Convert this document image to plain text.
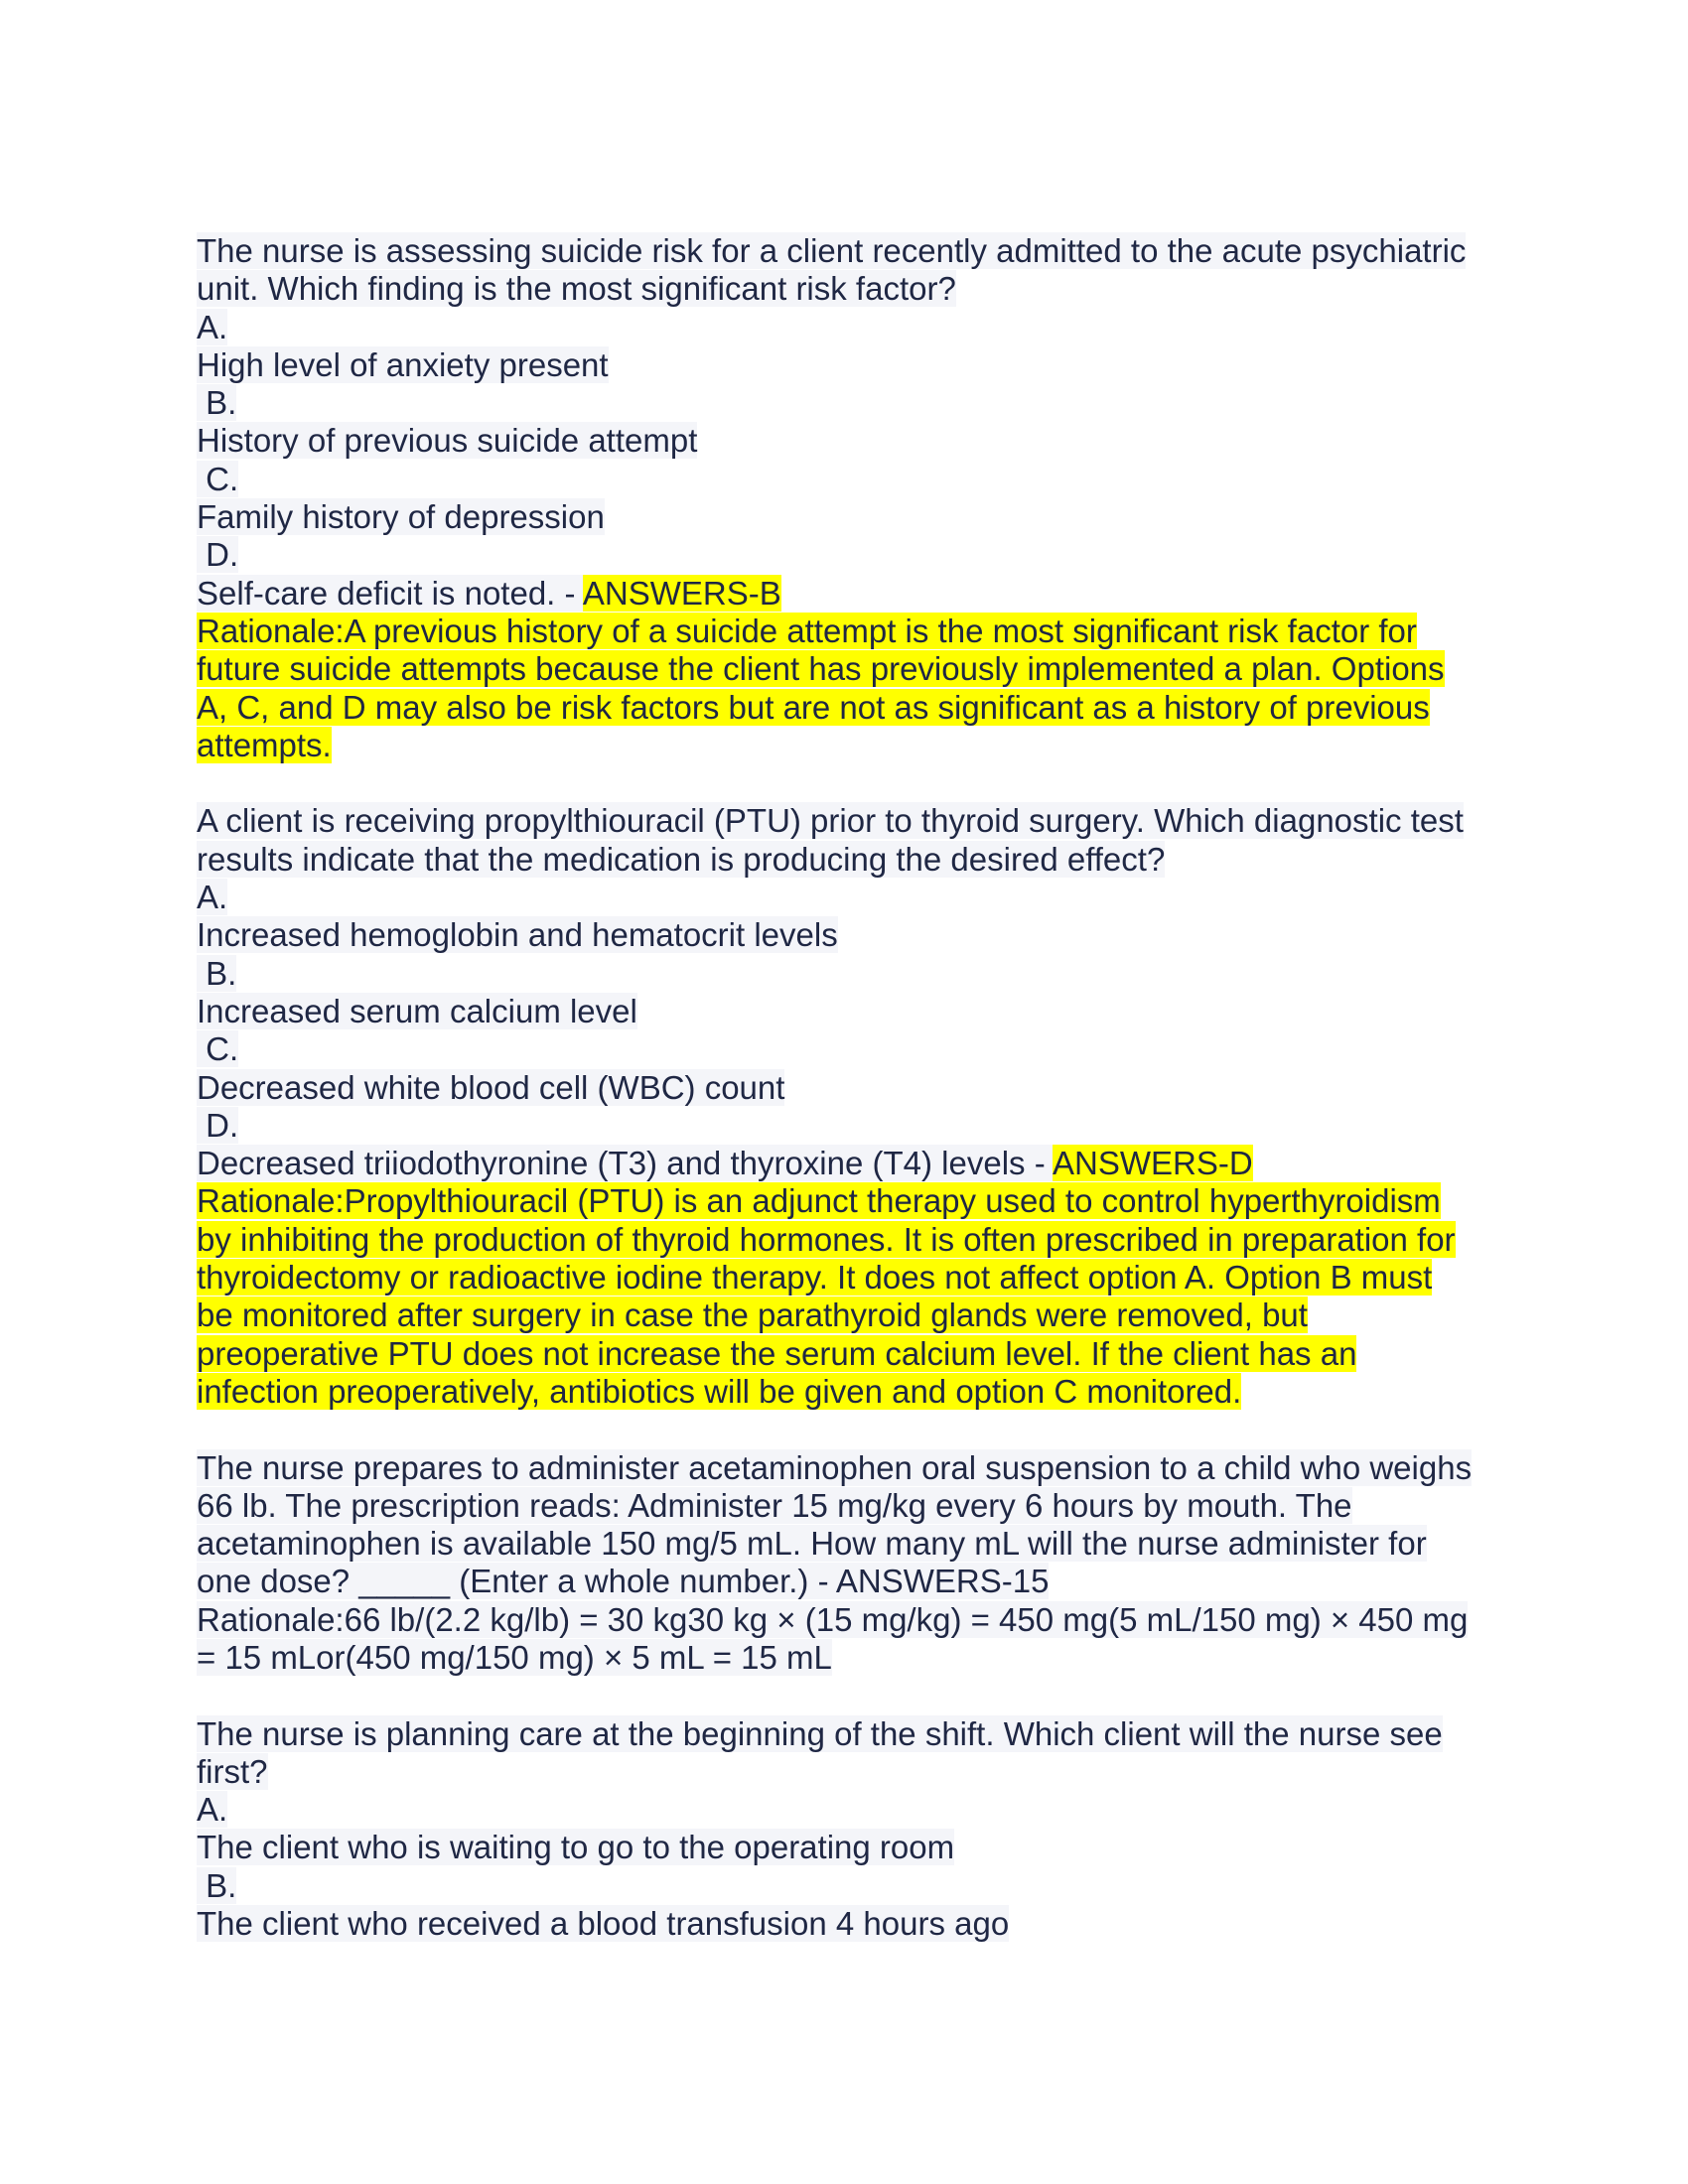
The nurse is assessing suicide risk for a client recently admitted to the acute psychiatric
unit. Which finding is the most significant risk factor?
A.
High level of anxiety present
B.
History of previous suicide attempt
C.
Family history of depression
D.
Self-care deficit is noted. - ANSWERS-B
Rationale:A previous history of a suicide attempt is the most significant risk factor for
future suicide attempts because the client has previously implemented a plan. Options
A, C, and D may also be risk factors but are not as significant as a history of previous
attempts.
A client is receiving propylthiouracil (PTU) prior to thyroid surgery. Which diagnostic test
results indicate that the medication is producing the desired effect?
A.
Increased hemoglobin and hematocrit levels
B.
Increased serum calcium level
C.
Decreased white blood cell (WBC) count
D.
Decreased triiodothyronine (T3) and thyroxine (T4) levels - ANSWERS-D
Rationale:Propylthiouracil (PTU) is an adjunct therapy used to control hyperthyroidism
by inhibiting the production of thyroid hormones. It is often prescribed in preparation for
thyroidectomy or radioactive iodine therapy. It does not affect option A. Option B must
be monitored after surgery in case the parathyroid glands were removed, but
preoperative PTU does not increase the serum calcium level. If the client has an
infection preoperatively, antibiotics will be given and option C monitored.
The nurse prepares to administer acetaminophen oral suspension to a child who weighs
66 lb. The prescription reads: Administer 15 mg/kg every 6 hours by mouth. The
acetaminophen is available 150 mg/5 mL. How many mL will the nurse administer for
one dose? _____ (Enter a whole number.) - ANSWERS-15
Rationale:66 lb/(2.2 kg/lb) = 30 kg30 kg × (15 mg/kg) = 450 mg(5 mL/150 mg) × 450 mg
= 15 mLor(450 mg/150 mg) × 5 mL = 15 mL
The nurse is planning care at the beginning of the shift. Which client will the nurse see
first?
A.
The client who is waiting to go to the operating room
B.
The client who received a blood transfusion 4 hours ago
